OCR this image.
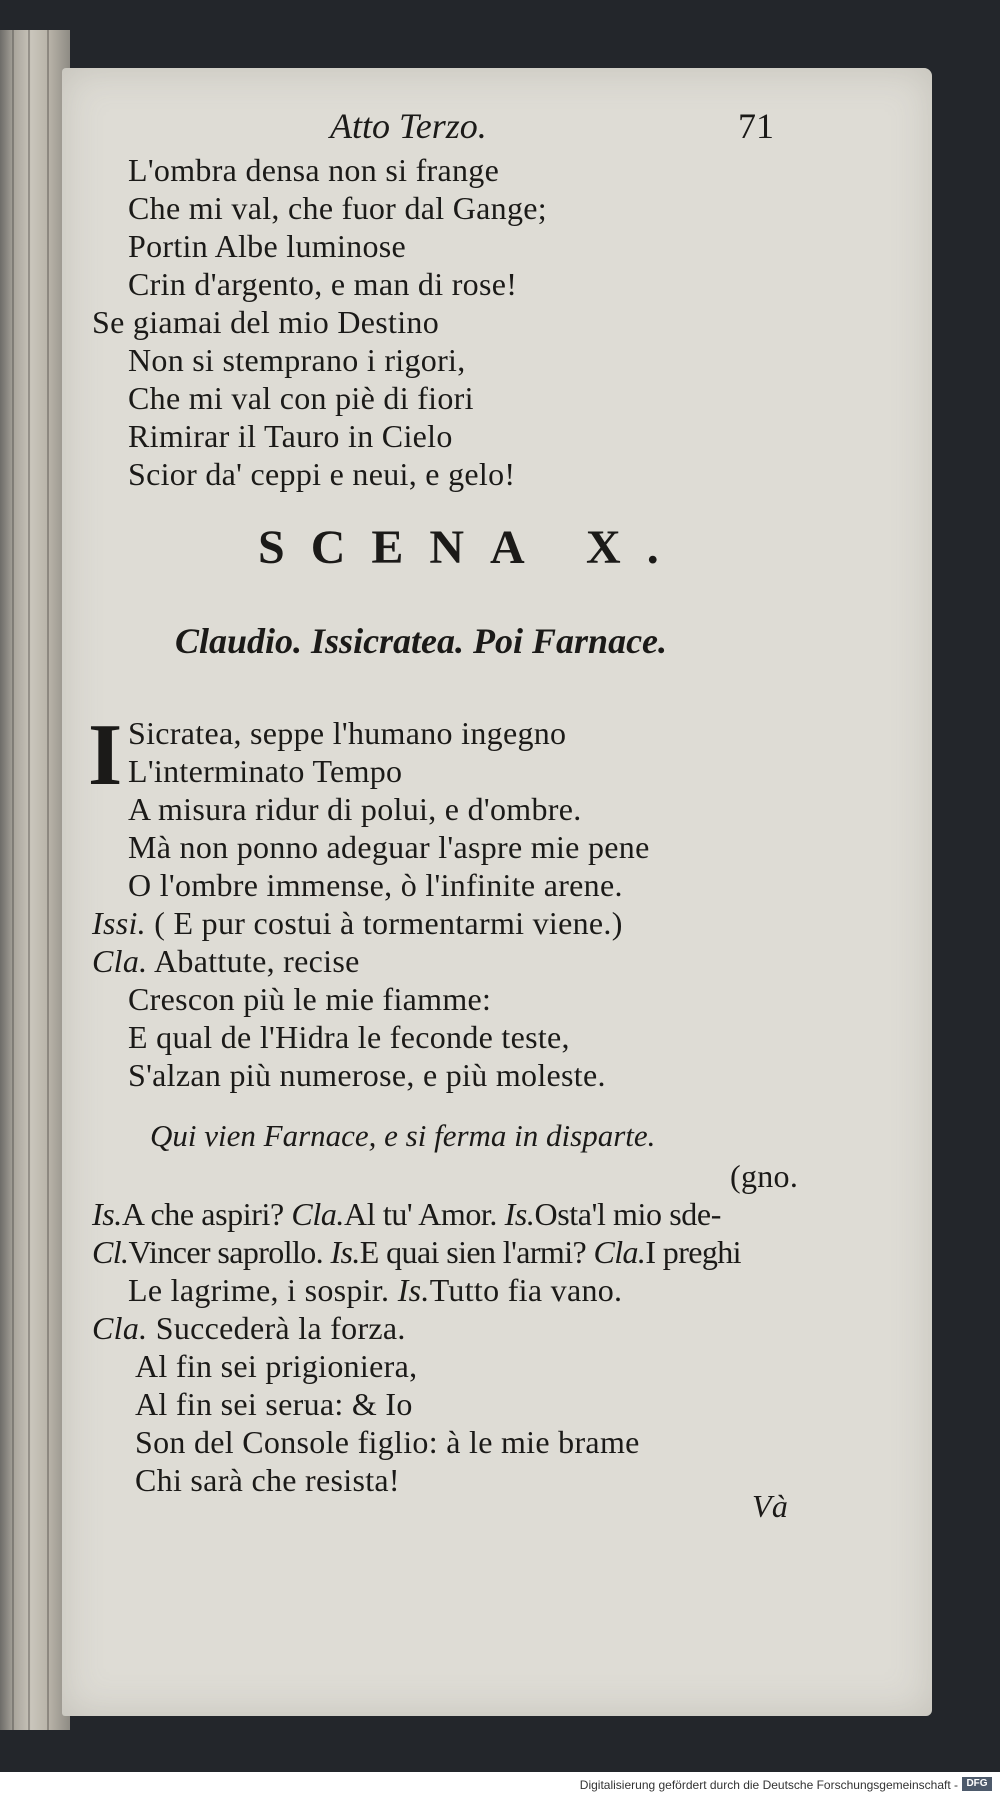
Atto Terzo.	71
L'ombra densa non si frange
Che mi val, che fuor dal Gange;
Portin Albe luminose
Crin d'argento, e man di rose!
Se giamai del mio Destino
Non si stemprano i rigori,
Che mi val con piè di fiori
Rimirar il Tauro in Cielo
Scior da' ceppi e neui, e gelo!
SCENA X.
Claudio. Issicratea. Poi Farnace.
I Sicratea, seppe l'humano ingegno
L'interminato Tempo
A misura ridur di polui, e d'ombre.
Mà non ponno adeguar l'aspre mie pene
O l'ombre immense, ò l'infinite arene.
Issi. ( E pur costui à tormentarmi viene.)
Cla. Abattute, recise
Crescon più le mie fiamme:
E qual de l'Hidra le feconde teste,
S'alzan più numerose, e più moleste.
Qui vien Farnace, e si ferma in disparte.
(gno.
Is.A che aspiri? Cla.Al tu' Amor. Is.Osta'l mio sde-
Cl.Vincer saprollo. Is.E quai sien l'armi? Cla.I preghi
Le lagrime, i sospir. Is.Tutto fia vano.
Cla. Succederà la forza.
Al fin sei prigioniera,
Al fin sei serua: & Io
Son del Console figlio: à le mie brame
Chi sarà che resista!
Và
Digitalisierung gefördert durch die Deutsche Forschungsgemeinschaft - DFG
